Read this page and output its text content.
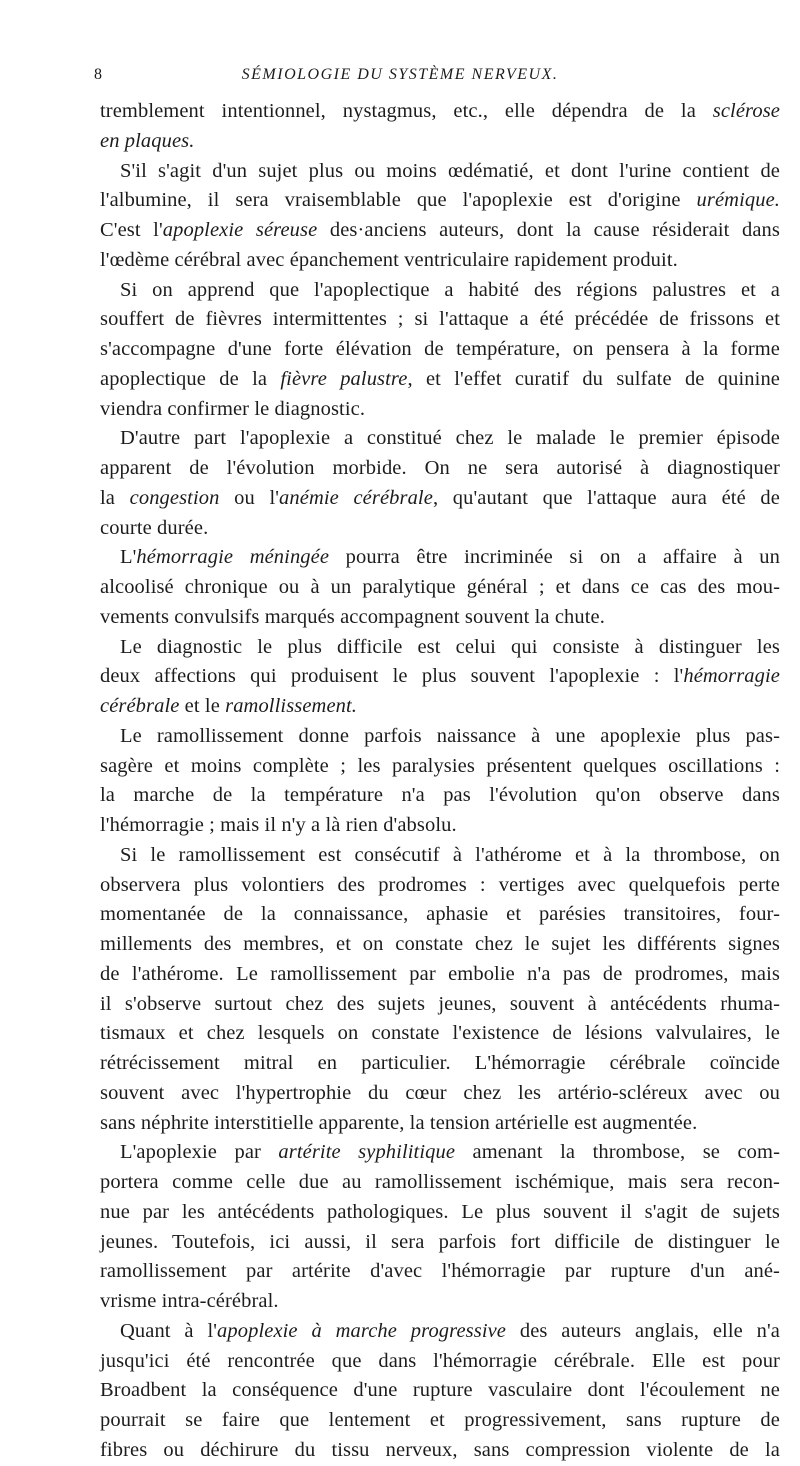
8	SÉMIOLOGIE DU SYSTÈME NERVEUX.
tremblement intentionnel, nystagmus, etc., elle dépendra de la sclérose
en plaques.
S'il s'agit d'un sujet plus ou moins œdématié, et dont l'urine contient de
l'albumine, il sera vraisemblable que l'apoplexie est d'origine urémique.
C'est l'apoplexie séreuse des·anciens auteurs, dont la cause résiderait dans
l'œdème cérébral avec épanchement ventriculaire rapidement produit.
Si on apprend que l'apoplectique a habité des régions palustres et a
souffert de fièvres intermittentes ; si l'attaque a été précédée de frissons et
s'accompagne d'une forte élévation de température, on pensera à la forme
apoplectique de la fièvre palustre, et l'effet curatif du sulfate de quinine
viendra confirmer le diagnostic.
D'autre part l'apoplexie a constitué chez le malade le premier épisode
apparent de l'évolution morbide. On ne sera autorisé à diagnostiquer
la congestion ou l'anémie cérébrale, qu'autant que l'attaque aura été de
courte durée.
L'hémorragie méningée pourra être incriminée si on a affaire à un
alcoolisé chronique ou à un paralytique général ; et dans ce cas des mou-
vements convulsifs marqués accompagnent souvent la chute.
Le diagnostic le plus difficile est celui qui consiste à distinguer les
deux affections qui produisent le plus souvent l'apoplexie : l'hémorragie
cérébrale et le ramollissement.
Le ramollissement donne parfois naissance à une apoplexie plus pas-
sagère et moins complète ; les paralysies présentent quelques oscillations :
la marche de la température n'a pas l'évolution qu'on observe dans
l'hémorragie ; mais il n'y a là rien d'absolu.
Si le ramollissement est consécutif à l'athérome et à la thrombose, on
observera plus volontiers des prodromes : vertiges avec quelquefois perte
momentanée de la connaissance, aphasie et parésies transitoires, four-
millements des membres, et on constate chez le sujet les différents signes
de l'athérome. Le ramollissement par embolie n'a pas de prodromes, mais
il s'observe surtout chez des sujets jeunes, souvent à antécédents rhuma-
tismaux et chez lesquels on constate l'existence de lésions valvulaires, le
rétrécissement mitral en particulier. L'hémorragie cérébrale coïncide
souvent avec l'hypertrophie du cœur chez les artério-scléreux avec ou
sans néphrite interstitielle apparente, la tension artérielle est augmentée.
L'apoplexie par artérite syphilitique amenant la thrombose, se com-
portera comme celle due au ramollissement ischémique, mais sera recon-
nue par les antécédents pathologiques. Le plus souvent il s'agit de sujets
jeunes. Toutefois, ici aussi, il sera parfois fort difficile de distinguer le
ramollissement par artérite d'avec l'hémorragie par rupture d'un ané-
vrisme intra-cérébral.
Quant à l'apoplexie à marche progressive des auteurs anglais, elle n'a
jusqu'ici été rencontrée que dans l'hémorragie cérébrale. Elle est pour
Broadbent la conséquence d'une rupture vasculaire dont l'écoulement ne
pourrait se faire que lentement et progressivement, sans rupture de
fibres ou déchirure du tissu nerveux, sans compression violente de la
